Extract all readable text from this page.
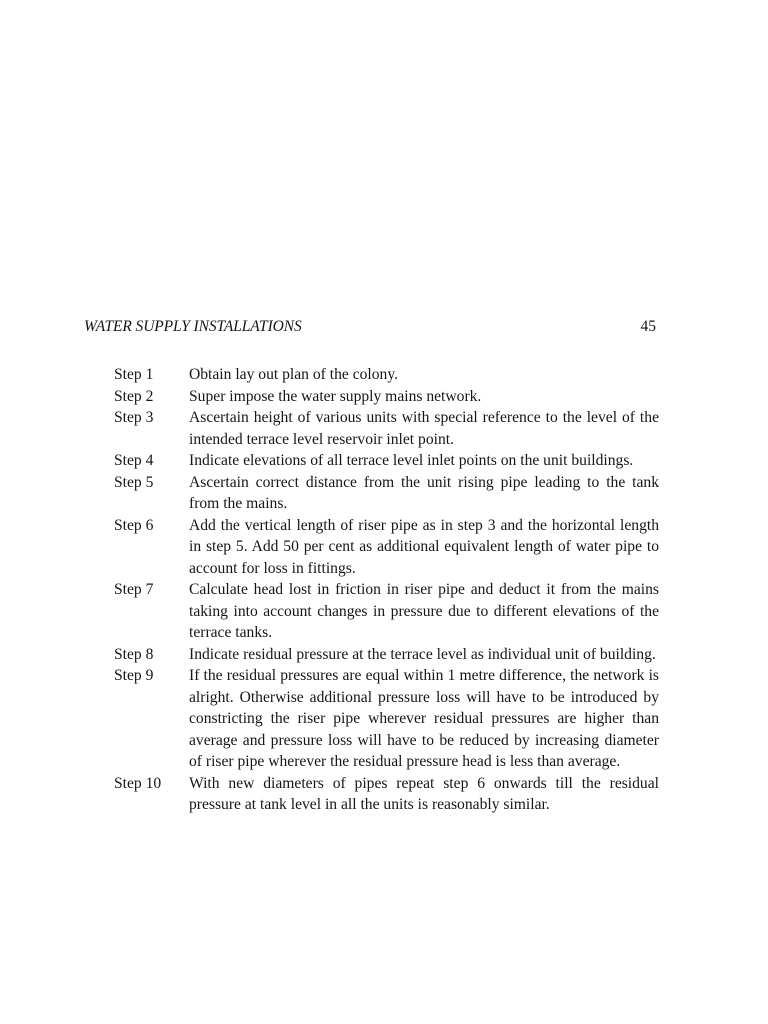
WATER SUPPLY INSTALLATIONS	45
Step 1	Obtain lay out plan of the colony.
Step 2	Super impose the water supply mains network.
Step 3	Ascertain height of various units with special reference to the level of the intended terrace level reservoir inlet point.
Step 4	Indicate elevations of all terrace level inlet points on the unit buildings.
Step 5	Ascertain correct distance from the unit rising pipe leading to the tank from the mains.
Step 6	Add the vertical length of riser pipe as in step 3 and the horizontal length in step 5. Add 50 per cent as additional equivalent length of water pipe to account for loss in fittings.
Step 7	Calculate head lost in friction in riser pipe and deduct it from the mains taking into account changes in pressure due to different elevations of the terrace tanks.
Step 8	Indicate residual pressure at the terrace level as individual unit of building.
Step 9	If the residual pressures are equal within 1 metre difference, the network is alright. Otherwise additional pressure loss will have to be introduced by constricting the riser pipe wherever residual pressures are higher than average and pressure loss will have to be reduced by increasing diameter of riser pipe wherever the residual pressure head is less than average.
Step 10	With new diameters of pipes repeat step 6 onwards till the residual pressure at tank level in all the units is reasonably similar.
